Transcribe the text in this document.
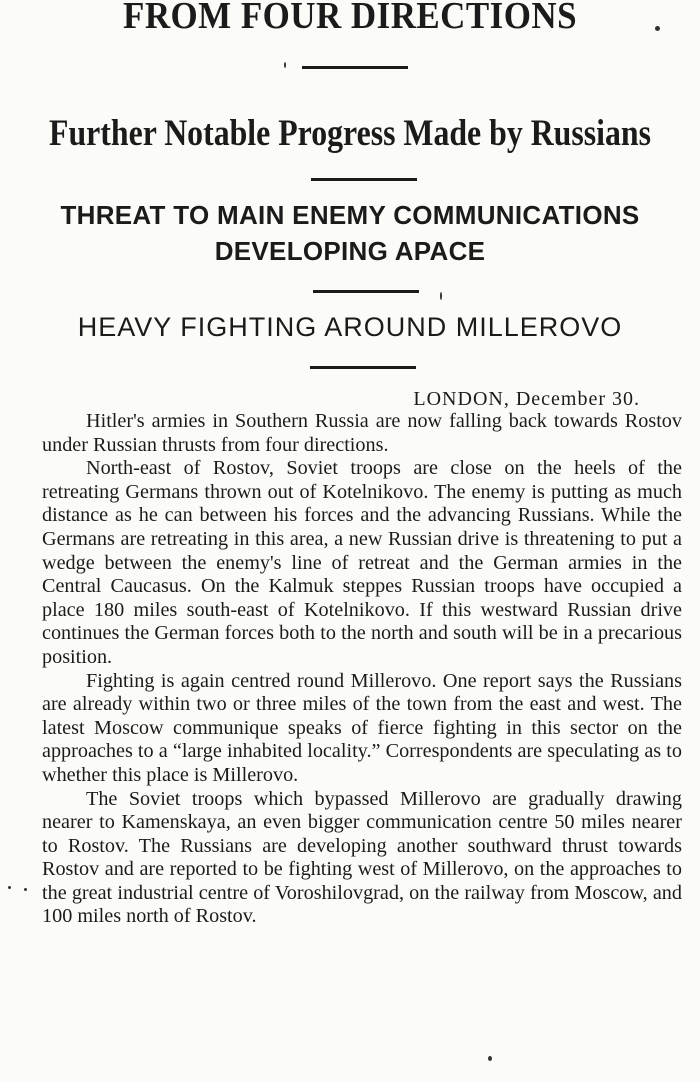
FROM FOUR DIRECTIONS
Further Notable Progress Made by Russians
THREAT TO MAIN ENEMY COMMUNICATIONS
DEVELOPING APACE
HEAVY FIGHTING AROUND MILLEROVO
LONDON, December 30.

Hitler's armies in Southern Russia are now falling back towards Rostov under Russian thrusts from four directions.

North-east of Rostov, Soviet troops are close on the heels of the retreating Germans thrown out of Kotelnikovo. The enemy is putting as much distance as he can between his forces and the advancing Russians. While the Germans are retreating in this area, a new Russian drive is threatening to put a wedge between the enemy's line of retreat and the German armies in the Central Caucasus. On the Kalmuk steppes Russian troops have occupied a place 180 miles south-east of Kotelnikovo. If this westward Russian drive continues the German forces both to the north and south will be in a precarious position.

Fighting is again centred round Millerovo. One report says the Russians are already within two or three miles of the town from the east and west. The latest Moscow communique speaks of fierce fighting in this sector on the approaches to a “large inhabited locality.” Correspondents are speculating as to whether this place is Millerovo.

The Soviet troops which bypassed Millerovo are gradually drawing nearer to Kamenskaya, an even bigger communication centre 50 miles nearer to Rostov. The Russians are developing another southward thrust towards Rostov and are reported to be fighting west of Millerovo, on the approaches to the great industrial centre of Voroshilovgrad, on the railway from Moscow, and 100 miles north of Rostov.
